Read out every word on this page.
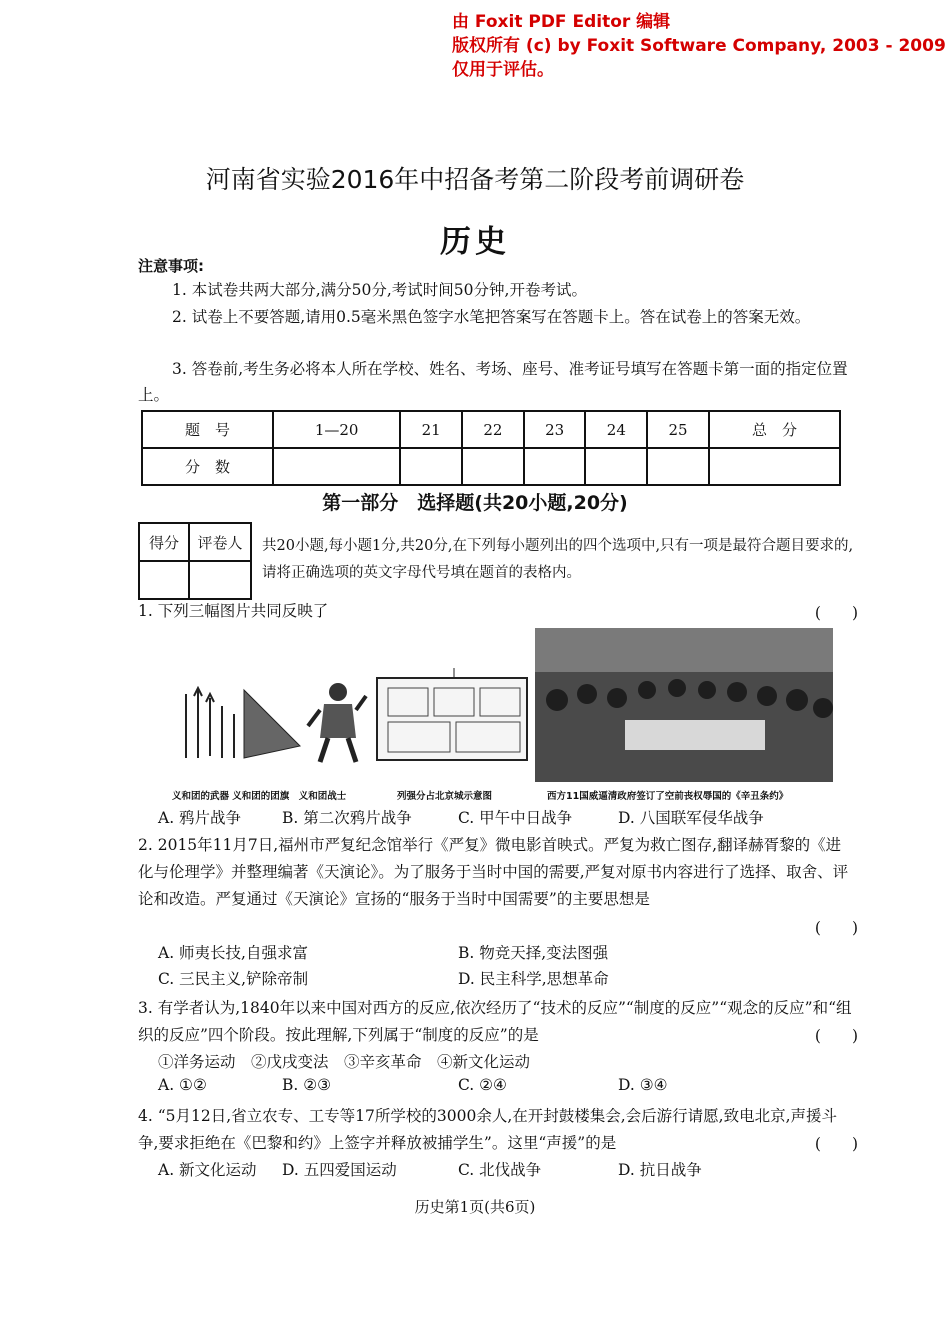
由 Foxit PDF Editor 编辑
版权所有 (c) by Foxit Software Company, 2003 - 2009
仅用于评估。
河南省实验2016年中招备考第二阶段考前调研卷
历史
注意事项:
1. 本试卷共两大部分,满分50分,考试时间50分钟,开卷考试。
2. 试卷上不要答题,请用0.5毫米黑色签字水笔把答案写在答题卡上。答在试卷上的答案无效。
3. 答卷前,考生务必将本人所在学校、姓名、考场、座号、准考证号填写在答题卡第一面的指定位置上。
题　号	1—20	21	22	23	24	25	总　分
分　数							
第一部分　选择题(共20小题,20分)
得分	评卷人
	共20小题,每小题1分,共20分,在下列每小题列出的四个选项中,只有一项是最符合题目要求的,请将正确选项的英文字母代号填在题首的表格内。
1. 下列三幅图片共同反映了	(　　)
义和团的武器 义和团的团旗　义和团战士	列强分占北京城示意图	西方11国威逼清政府签订了空前丧权辱国的《辛丑条约》
A. 鸦片战争	B. 第二次鸦片战争	C. 甲午中日战争	D. 八国联军侵华战争
2. 2015年11月7日,福州市严复纪念馆举行《严复》微电影首映式。严复为救亡图存,翻译赫胥黎的《进化与伦理学》并整理编著《天演论》。为了服务于当时中国的需要,严复对原书内容进行了选择、取舍、评论和改造。严复通过《天演论》宣扬的“服务于当时中国需要”的主要思想是
(　　)
A. 师夷长技,自强求富	B. 物竞天择,变法图强
C. 三民主义,铲除帝制	D. 民主科学,思想革命
3. 有学者认为,1840年以来中国对西方的反应,依次经历了“技术的反应”“制度的反应”“观念的反应”和“组织的反应”四个阶段。按此理解,下列属于“制度的反应”的是	(　　)
①洋务运动　②戊戌变法　③辛亥革命　④新文化运动
A. ①②	B. ②③	C. ②④	D. ③④
4. “5月12日,省立农专、工专等17所学校的3000余人,在开封鼓楼集会,会后游行请愿,致电北京,声援斗争,要求拒绝在《巴黎和约》上签字并释放被捕学生”。这里“声援”的是	(　　)
A. 新文化运动 D. 五四爱国运动	C. 北伐战争	D. 抗日战争
历史第1页(共6页)
